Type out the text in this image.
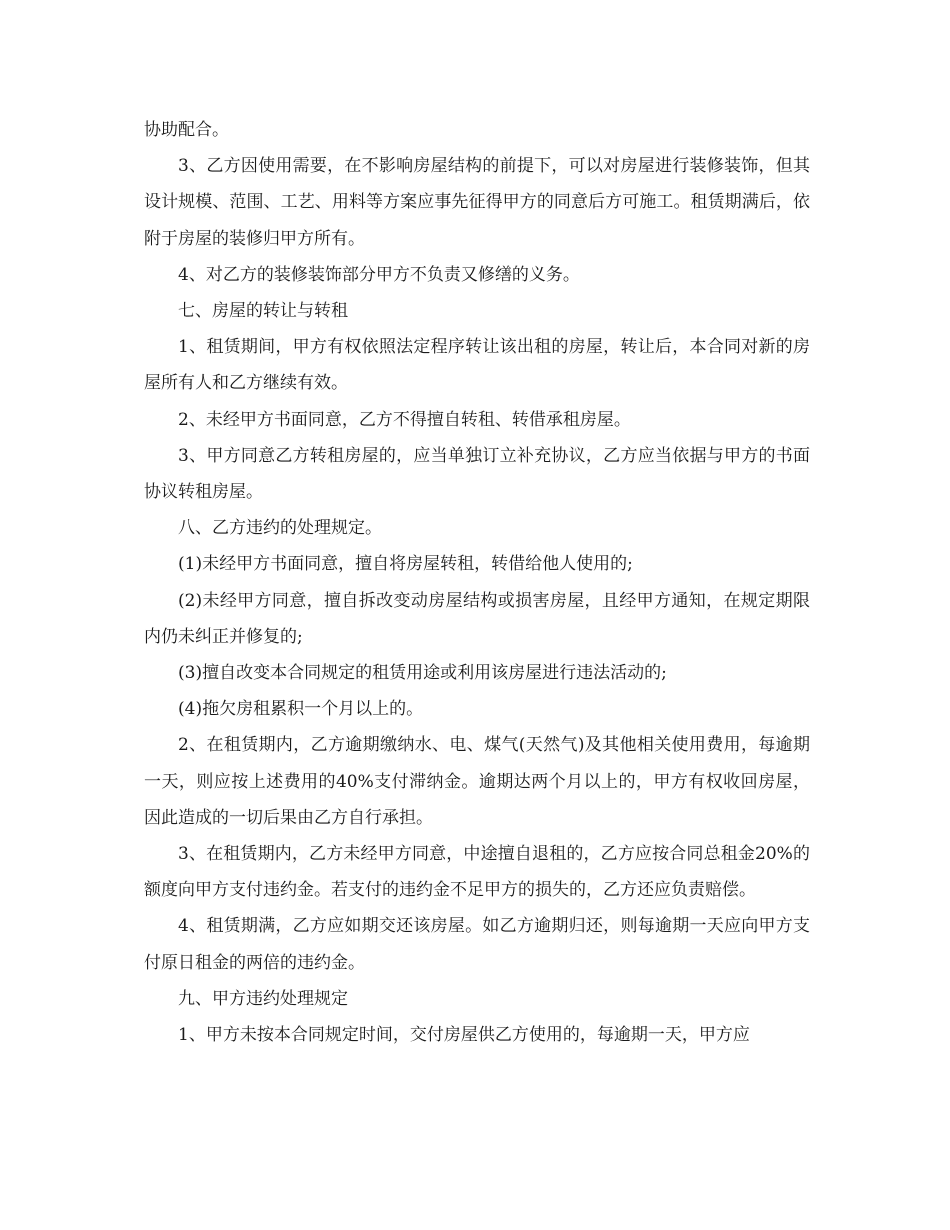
协助配合。

3、乙方因使用需要，在不影响房屋结构的前提下，可以对房屋进行装修装饰，但其设计规模、范围、工艺、用料等方案应事先征得甲方的同意后方可施工。租赁期满后，依附于房屋的装修归甲方所有。

4、对乙方的装修装饰部分甲方不负责又修缮的义务。

七、房屋的转让与转租

1、租赁期间，甲方有权依照法定程序转让该出租的房屋，转让后，本合同对新的房屋所有人和乙方继续有效。

2、未经甲方书面同意，乙方不得擅自转租、转借承租房屋。

3、甲方同意乙方转租房屋的，应当单独订立补充协议，乙方应当依据与甲方的书面协议转租房屋。

八、乙方违约的处理规定。

(1)未经甲方书面同意，擅自将房屋转租，转借给他人使用的;

(2)未经甲方同意，擅自拆改变动房屋结构或损害房屋，且经甲方通知，在规定期限内仍未纠正并修复的;

(3)擅自改变本合同规定的租赁用途或利用该房屋进行违法活动的;

(4)拖欠房租累积一个月以上的。

2、在租赁期内，乙方逾期缴纳水、电、煤气(天然气)及其他相关使用费用，每逾期一天，则应按上述费用的40%支付滞纳金。逾期达两个月以上的，甲方有权收回房屋，因此造成的一切后果由乙方自行承担。

3、在租赁期内，乙方未经甲方同意，中途擅自退租的，乙方应按合同总租金20%的额度向甲方支付违约金。若支付的违约金不足甲方的损失的，乙方还应负责赔偿。

4、租赁期满，乙方应如期交还该房屋。如乙方逾期归还，则每逾期一天应向甲方支付原日租金的两倍的违约金。

九、甲方违约处理规定

1、甲方未按本合同规定时间，交付房屋供乙方使用的，每逾期一天，甲方应
